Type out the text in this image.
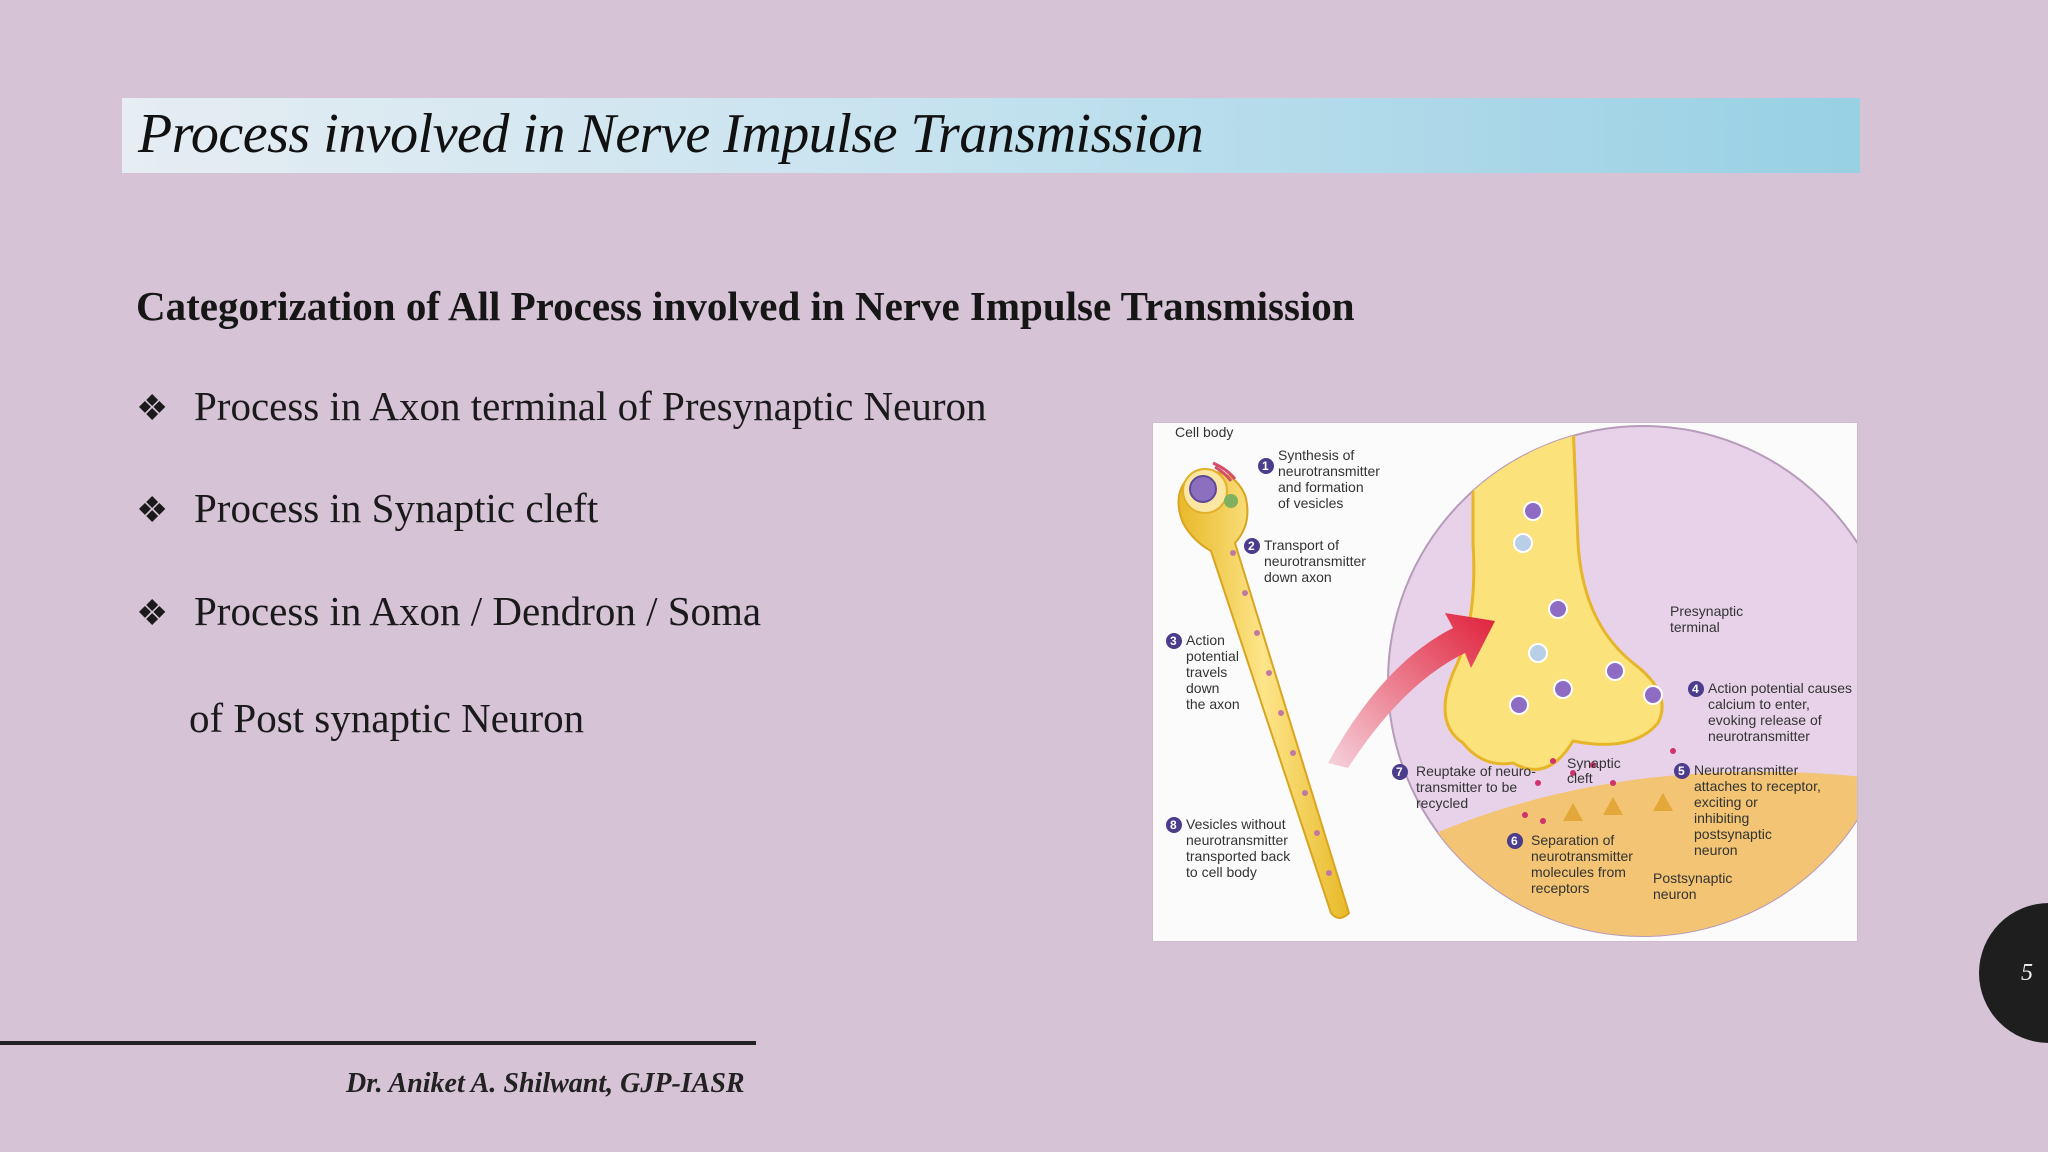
Process involved in Nerve Impulse Transmission
Categorization of All Process involved in Nerve Impulse Transmission
❖ Process in Axon terminal of Presynaptic Neuron
❖ Process in Synaptic cleft
❖ Process in Axon / Dendron / Soma
of Post synaptic Neuron
Cell body
1
Synthesis of neurotransmitter and formation of vesicles
2 Transport of neurotransmitter down axon
3 Action potential travels down the axon
8 Vesicles without neurotransmitter transported back to cell body
Presynaptic terminal
4 Action potential causes calcium to enter, evoking release of neurotransmitter
5 Neurotransmitter attaches to receptor, exciting or inhibiting postsynaptic neuron
7 Reuptake of neuro- transmitter to be recycled
Synaptic cleft
6 Separation of neurotransmitter molecules from receptors
Postsynaptic neuron
Dr. Aniket A. Shilwant, GJP-IASR
5
